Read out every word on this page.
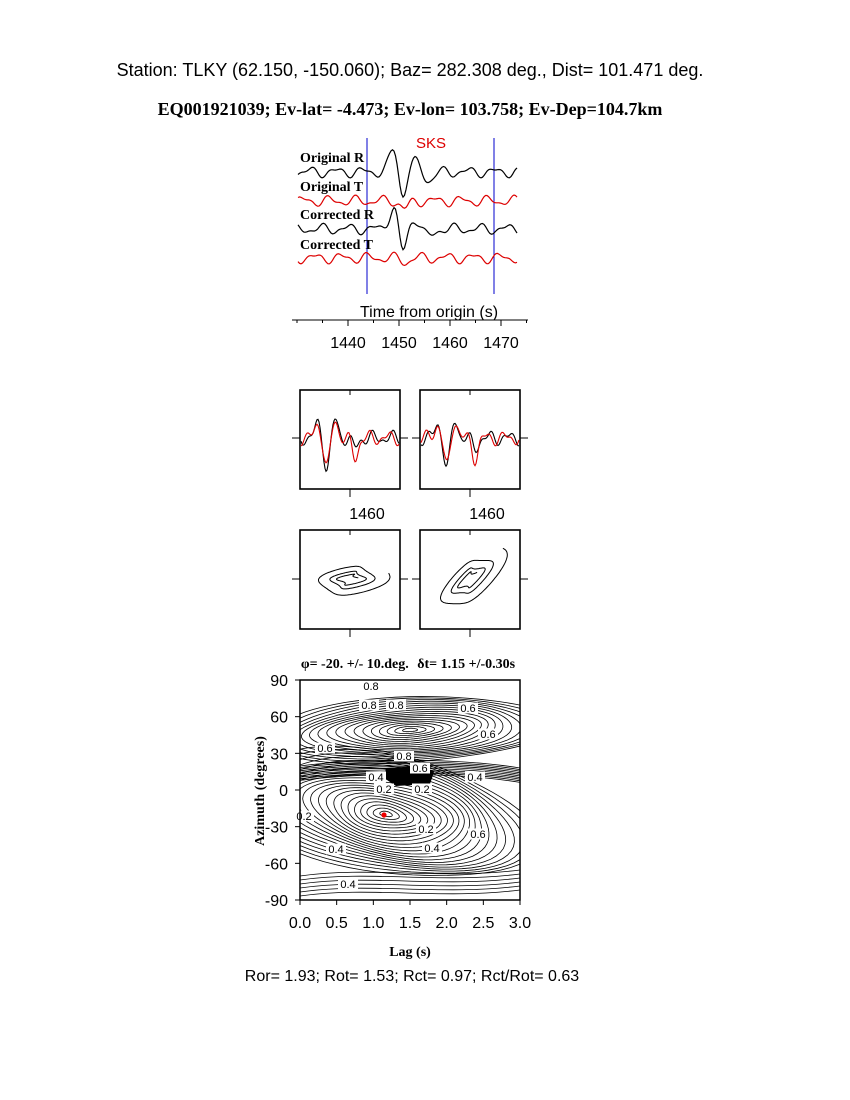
Station: TLKY (62.150, -150.060); Baz= 282.308 deg., Dist= 101.471 deg.
EQ001921039; Ev-lat= -4.473; Ev-lon= 103.758; Ev-Dep=104.7km
SKS
Original R
Original T
Corrected R
Corrected T
Time from origin (s)
1440 1450 1460 1470
1460	1460
φ= -20. +/- 10.deg. δt= 1.15 +/-0.30s
0.8
0.8 0.8	0.6
0.6
0.6
0.8
0.6
0.4	0.4
0.2 0.2
0.4
0.2
0.4
0.6
0.2
0.4
0.0 0.5 1.0 1.5 2.0 2.5 3.0
90
60
30
0
-30
-60
-90
Lag (s)
Azimuth (degrees)
Ror= 1.93; Rot= 1.53; Rct= 0.97; Rct/Rot= 0.63
